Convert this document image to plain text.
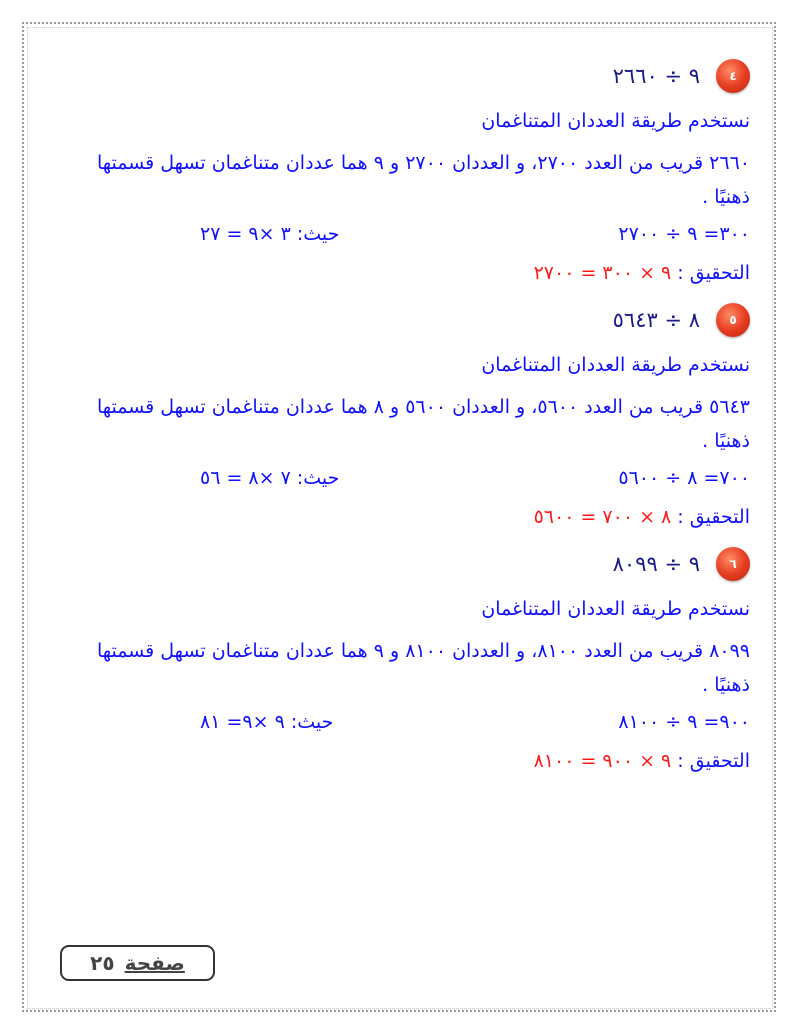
٤
٩ ÷ ٢٦٦٠
نستخدم طريقة العددان المتناغمان
٢٦٦٠ قريب من العدد ٢٧٠٠، و العددان ٢٧٠٠ و ٩ هما عددان متناغمان تسهل قسمتها ذهنيًا .
٣٠٠= ٩ ÷ ٢٧٠٠
حيث: ٣ ×٩ = ٢٧
التحقيق : ٩ × ٣٠٠ = ٢٧٠٠
٥
٨ ÷ ٥٦٤٣
نستخدم طريقة العددان المتناغمان
٥٦٤٣ قريب من العدد ٥٦٠٠، و العددان ٥٦٠٠ و ٨ هما عددان متناغمان تسهل قسمتها ذهنيًا .
٧٠٠= ٨ ÷ ٥٦٠٠
حيث: ٧ ×٨ = ٥٦
التحقيق : ٨ × ٧٠٠ = ٥٦٠٠
٦
٩ ÷ ٨٠٩٩
نستخدم طريقة العددان المتناغمان
٨٠٩٩ قريب من العدد ٨١٠٠، و العددان ٨١٠٠ و ٩ هما عددان متناغمان تسهل قسمتها ذهنيًا .
٩٠٠= ٩ ÷ ٨١٠٠
حيث: ٩ ×٩= ٨١
التحقيق : ٩ × ٩٠٠ = ٨١٠٠
صفحة
٢٥
